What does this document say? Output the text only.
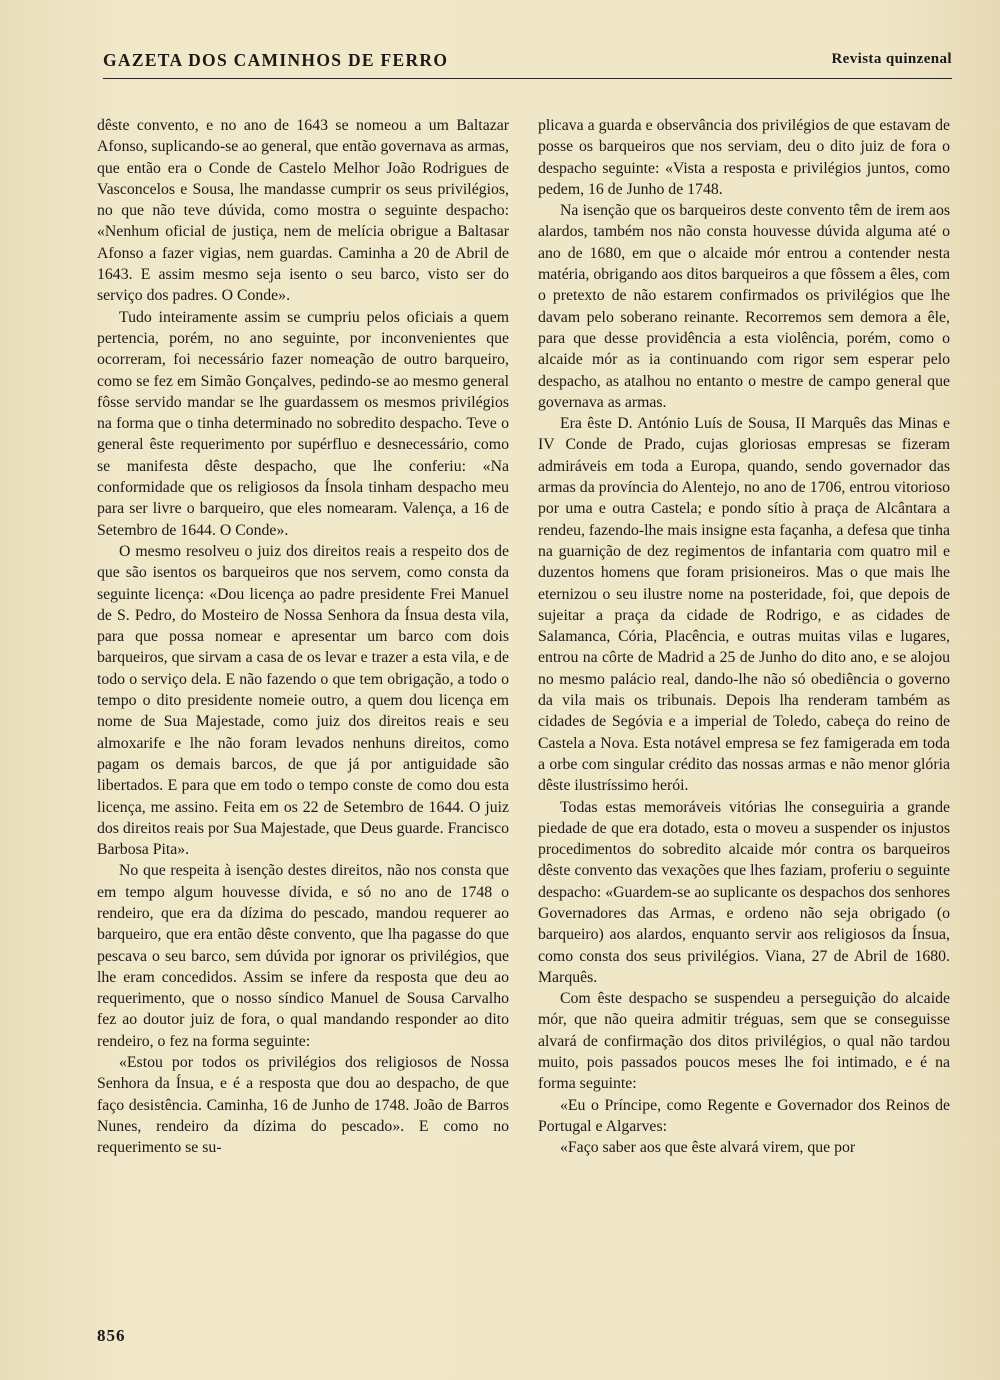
GAZETA DOS CAMINHOS DE FERRO	Revista quinzenal

dêste convento, e no ano de 1643 se nomeou a um Baltazar Afonso, suplicando-se ao general, que então governava as armas, que então era o Conde de Castelo Melhor João Rodrigues de Vasconcelos e Sousa, lhe mandasse cumprir os seus privilégios, no que não teve dúvida, como mostra o seguinte despacho: «Nenhum oficial de justiça, nem de melícia obrigue a Baltasar Afonso a fazer vigias, nem guardas. Caminha a 20 de Abril de 1643. E assim mesmo seja isento o seu barco, visto ser do serviço dos padres. O Conde».

Tudo inteiramente assim se cumpriu pelos oficiais a quem pertencia, porém, no ano seguinte, por inconvenientes que ocorreram, foi necessário fazer nomeação de outro barqueiro, como se fez em Simão Gonçalves, pedindo-se ao mesmo general fôsse servido mandar se lhe guardassem os mesmos privilégios na forma que o tinha determinado no sobredito despacho. Teve o general êste requerimento por supérfluo e desnecessário, como se manifesta dêste despacho, que lhe conferiu: «Na conformidade que os religiosos da Ínsola tinham despacho meu para ser livre o barqueiro, que eles nomearam. Valença, a 16 de Setembro de 1644. O Conde».

O mesmo resolveu o juiz dos direitos reais a respeito dos de que são isentos os barqueiros que nos servem, como consta da seguinte licença: «Dou licença ao padre presidente Frei Manuel de S. Pedro, do Mosteiro de Nossa Senhora da Ínsua desta vila, para que possa nomear e apresentar um barco com dois barqueiros, que sirvam a casa de os levar e trazer a esta vila, e de todo o serviço dela. E não fazendo o que tem obrigação, a todo o tempo o dito presidente nomeie outro, a quem dou licença em nome de Sua Majestade, como juiz dos direitos reais e seu almoxarife e lhe não foram levados nenhuns direitos, como pagam os demais barcos, de que já por antiguidade são libertados. E para que em todo o tempo conste de como dou esta licença, me assino. Feita em os 22 de Setembro de 1644. O juiz dos direitos reais por Sua Majestade, que Deus guarde. Francisco Barbosa Pita».

No que respeita à isenção destes direitos, não nos consta que em tempo algum houvesse dívida, e só no ano de 1748 o rendeiro, que era da dízima do pescado, mandou requerer ao barqueiro, que era então dêste convento, que lha pagasse do que pescava o seu barco, sem dúvida por ignorar os privilégios, que lhe eram concedidos. Assim se infere da resposta que deu ao requerimento, que o nosso síndico Manuel de Sousa Carvalho fez ao doutor juiz de fora, o qual mandando responder ao dito rendeiro, o fez na forma seguinte:

«Estou por todos os privilégios dos religiosos de Nossa Senhora da Ínsua, e é a resposta que dou ao despacho, de que faço desistência. Caminha, 16 de Junho de 1748. João de Barros Nunes, rendeiro da dízima do pescado». E como no requerimento se su-

plicava a guarda e observância dos privilégios de que estavam de posse os barqueiros que nos serviam, deu o dito juiz de fora o despacho seguinte: «Vista a resposta e privilégios juntos, como pedem, 16 de Junho de 1748.

Na isenção que os barqueiros deste convento têm de irem aos alardos, também nos não consta houvesse dúvida alguma até o ano de 1680, em que o alcaide mór entrou a contender nesta matéria, obrigando aos ditos barqueiros a que fôssem a êles, com o pretexto de não estarem confirmados os privilégios que lhe davam pelo soberano reinante. Recorremos sem demora a êle, para que desse providência a esta violência, porém, como o alcaide mór as ia continuando com rigor sem esperar pelo despacho, as atalhou no entanto o mestre de campo general que governava as armas.

Era êste D. António Luís de Sousa, II Marquês das Minas e IV Conde de Prado, cujas gloriosas empresas se fizeram admiráveis em toda a Europa, quando, sendo governador das armas da província do Alentejo, no ano de 1706, entrou vitorioso por uma e outra Castela; e pondo sítio à praça de Alcântara a rendeu, fazendo-lhe mais insigne esta façanha, a defesa que tinha na guarnição de dez regimentos de infantaria com quatro mil e duzentos homens que foram prisioneiros. Mas o que mais lhe eternizou o seu ilustre nome na posteridade, foi, que depois de sujeitar a praça da cidade de Rodrigo, e as cidades de Salamanca, Cória, Placência, e outras muitas vilas e lugares, entrou na côrte de Madrid a 25 de Junho do dito ano, e se alojou no mesmo palácio real, dando-lhe não só obediência o governo da vila mais os tribunais. Depois lha renderam também as cidades de Segóvia e a imperial de Toledo, cabeça do reino de Castela a Nova. Esta notável empresa se fez famigerada em toda a orbe com singular crédito das nossas armas e não menor glória dêste ilustríssimo herói.

Todas estas memoráveis vitórias lhe conseguiria a grande piedade de que era dotado, esta o moveu a suspender os injustos procedimentos do sobredito alcaide mór contra os barqueiros dêste convento das vexações que lhes faziam, proferiu o seguinte despacho: «Guardem-se ao suplicante os despachos dos senhores Governadores das Armas, e ordeno não seja obrigado (o barqueiro) aos alardos, enquanto servir aos religiosos da Ínsua, como consta dos seus privilégios. Viana, 27 de Abril de 1680. Marquês.

Com êste despacho se suspendeu a perseguição do alcaide mór, que não queira admitir tréguas, sem que se conseguisse alvará de confirmação dos ditos privilégios, o qual não tardou muito, pois passados poucos meses lhe foi intimado, e é na forma seguinte:

«Eu o Príncipe, como Regente e Governador dos Reinos de Portugal e Algarves:

«Faço saber aos que êste alvará virem, que por

856
